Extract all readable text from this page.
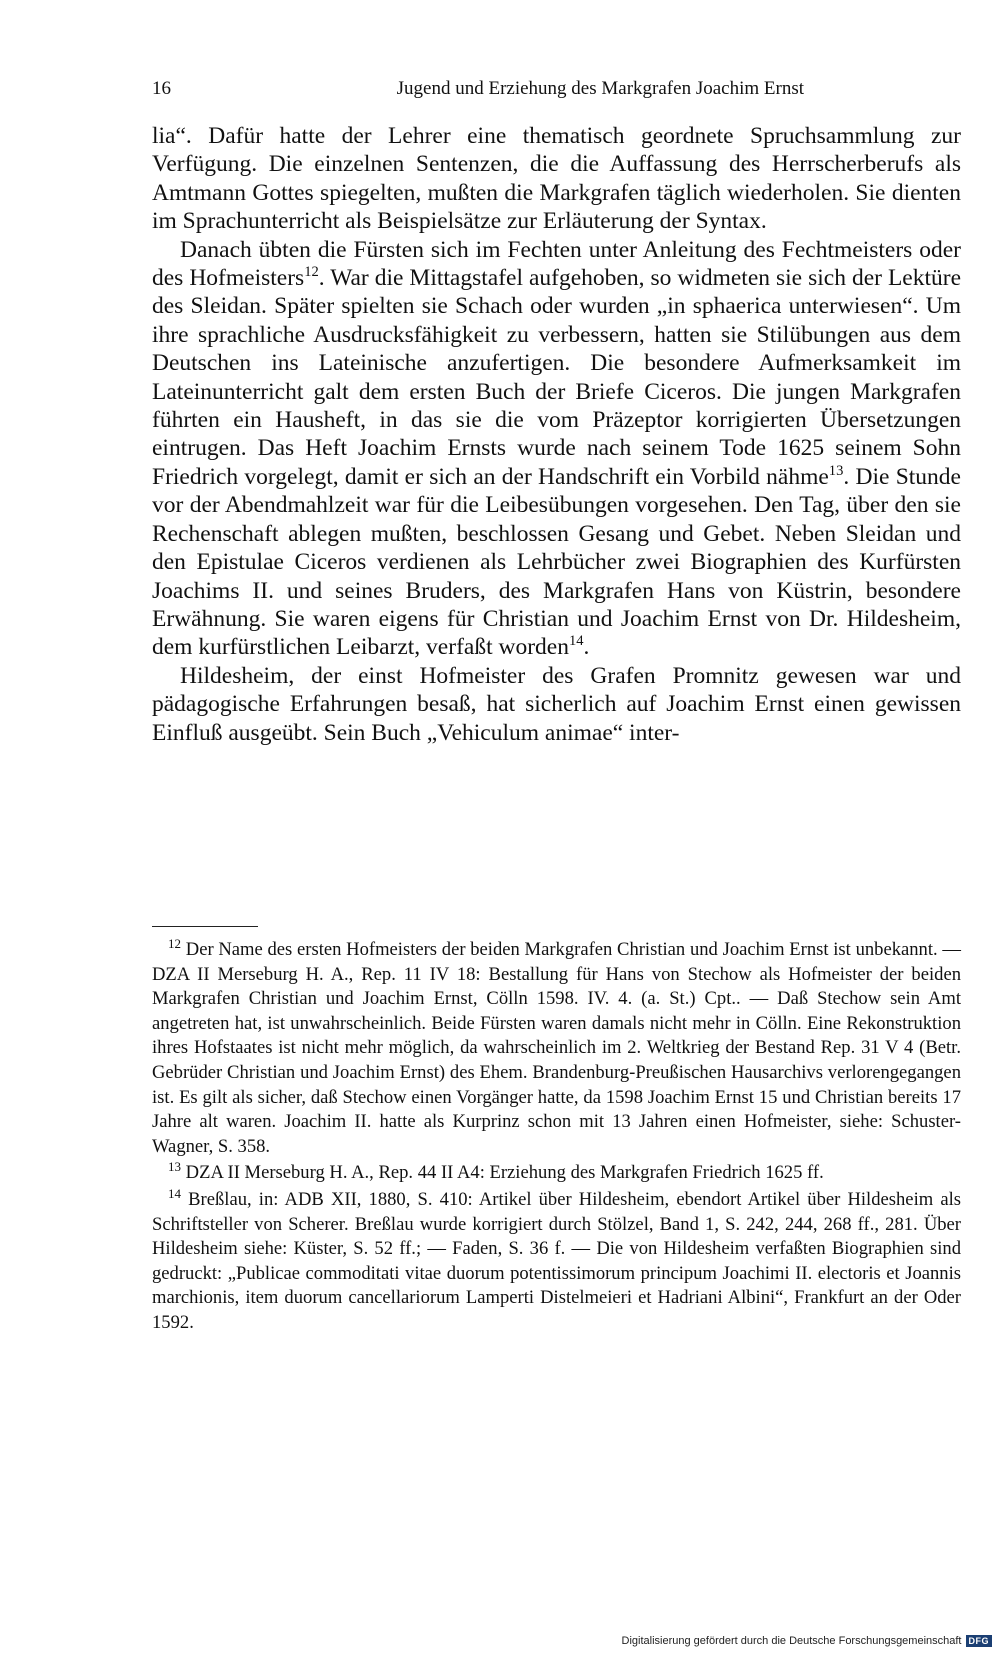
16	Jugend und Erziehung des Markgrafen Joachim Ernst

lia“. Dafür hatte der Lehrer eine thematisch geordnete Spruchsammlung zur Verfügung. Die einzelnen Sentenzen, die die Auffassung des Herrscherberufs als Amtmann Gottes spiegelten, mußten die Markgrafen täglich wiederholen. Sie dienten im Sprachunterricht als Beispielsätze zur Erläuterung der Syntax.

Danach übten die Fürsten sich im Fechten unter Anleitung des Fechtmeisters oder des Hofmeisters$^{12}$. War die Mittagstafel aufgehoben, so widmeten sie sich der Lektüre des Sleidan. Später spielten sie Schach oder wurden „in sphaerica unterwiesen“. Um ihre sprachliche Ausdrucksfähigkeit zu verbessern, hatten sie Stilübungen aus dem Deutschen ins Lateinische anzufertigen. Die besondere Aufmerksamkeit im Lateinunterricht galt dem ersten Buch der Briefe Ciceros. Die jungen Markgrafen führten ein Hausheft, in das sie die vom Präzeptor korrigierten Übersetzungen eintrugen. Das Heft Joachim Ernsts wurde nach seinem Tode 1625 seinem Sohn Friedrich vorgelegt, damit er sich an der Handschrift ein Vorbild nähme$^{13}$. Die Stunde vor der Abendmahlzeit war für die Leibesübungen vorgesehen. Den Tag, über den sie Rechenschaft ablegen mußten, beschlossen Gesang und Gebet. Neben Sleidan und den Epistulae Ciceros verdienen als Lehrbücher zwei Biographien des Kurfürsten Joachims II. und seines Bruders, des Markgrafen Hans von Küstrin, besondere Erwähnung. Sie waren eigens für Christian und Joachim Ernst von Dr. Hildesheim, dem kurfürstlichen Leibarzt, verfaßt worden$^{14}$.

Hildesheim, der einst Hofmeister des Grafen Promnitz gewesen war und pädagogische Erfahrungen besaß, hat sicherlich auf Joachim Ernst einen gewissen Einfluß ausgeübt. Sein Buch „Vehiculum animae“ inter-

$^{12}$ Der Name des ersten Hofmeisters der beiden Markgrafen Christian und Joachim Ernst ist unbekannt. — DZA II Merseburg H. A., Rep. 11 IV 18: Bestallung für Hans von Stechow als Hofmeister der beiden Markgrafen Christian und Joachim Ernst, Cölln 1598. IV. 4. (a. St.) Cpt.. — Daß Stechow sein Amt angetreten hat, ist unwahrscheinlich. Beide Fürsten waren damals nicht mehr in Cölln. Eine Rekonstruktion ihres Hofstaates ist nicht mehr möglich, da wahrscheinlich im 2. Weltkrieg der Bestand Rep. 31 V 4 (Betr. Gebrüder Christian und Joachim Ernst) des Ehem. Brandenburg-Preußischen Hausarchivs verlorengegangen ist. Es gilt als sicher, daß Stechow einen Vorgänger hatte, da 1598 Joachim Ernst 15 und Christian bereits 17 Jahre alt waren. Joachim II. hatte als Kurprinz schon mit 13 Jahren einen Hofmeister, siehe: Schuster-Wagner, S. 358.

$^{13}$ DZA II Merseburg H. A., Rep. 44 II A4: Erziehung des Markgrafen Friedrich 1625 ff.

$^{14}$ Breßlau, in: ADB XII, 1880, S. 410: Artikel über Hildesheim, ebendort Artikel über Hildesheim als Schriftsteller von Scherer. Breßlau wurde korrigiert durch Stölzel, Band 1, S. 242, 244, 268 ff., 281. Über Hildesheim siehe: Küster, S. 52 ff.; — Faden, S. 36 f. — Die von Hildesheim verfaßten Biographien sind gedruckt: „Publicae commoditati vitae duorum potentissimorum principum Joachimi II. electoris et Joannis marchionis, item duorum cancellariorum Lamperti Distelmeieri et Hadriani Albini“, Frankfurt an der Oder 1592.

Digitalisierung gefördert durch die Deutsche Forschungsgemeinschaft DFG
